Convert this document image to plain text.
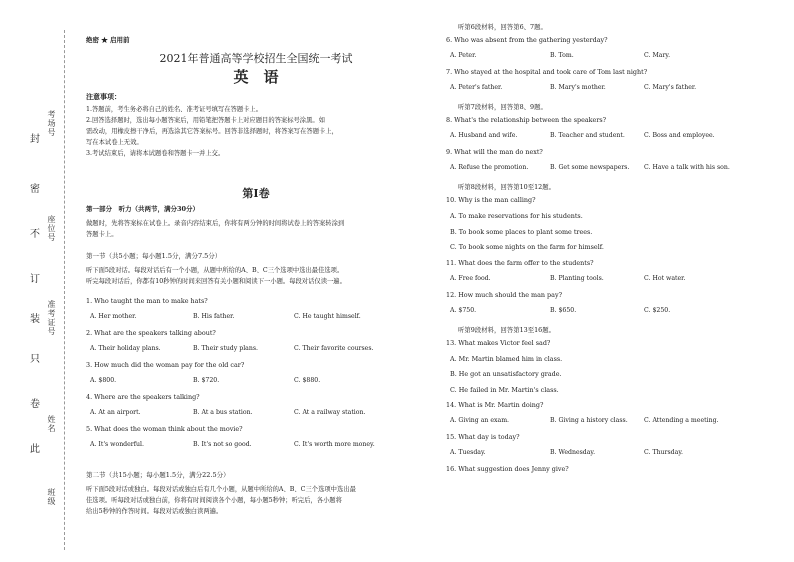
封
密
不
订
装
只
卷
此
考场号
座位号
准考证号
姓名
班级
绝密 ★ 启用前
2021年普通高等学校招生全国统一考试
英　语
注意事项：
1.答题前，考生务必将自己的姓名、准考证号填写在答题卡上。
2.回答选择题时，选出每小题答案后，用铅笔把答题卡上对应题目的答案标号涂黑。如
需改动，用橡皮擦干净后，再选涂其它答案标号。回答非选择题时，将答案写在答题卡上，
写在本试卷上无效。
3.考试结束后，请将本试题卷和答题卡一并上交。
第Ⅰ卷
第一部分　听力（共两节，满分30分）
做题时，先将答案标在试卷上。录音内容结束后，你将有两分钟的时间将试卷上的答案转涂到
答题卡上。
第一节（共5小题；每小题1.5分，满分7.5分）
听下面5段对话。每段对话后有一个小题，从题中所给的A、B、C三个选项中选出最佳选项。
听完每段对话后，你都有10秒钟的时间来回答有关小题和阅读下一小题。每段对话仅读一遍。
1. Who taught the man to make hats?
A. Her mother.	B. His father.	C. He taught himself.
2. What are the speakers talking about?
A. Their holiday plans.	B. Their study plans.	C. Their favorite courses.
3. How much did the woman pay for the old car?
A. $800.	B. $720.	C. $880.
4. Where are the speakers talking?
A. At an airport.	B. At a bus station.	C. At a railway station.
5. What does the woman think about the movie?
A. It's wonderful.	B. It's not so good.	C. It's worth more money.
第二节（共15小题；每小题1.5分，满分22.5分）
听下面5段对话或独白。每段对话或独白后有几个小题，从题中所给的A、B、C三个选项中选出最
佳选项。听每段对话或独白前，你将有时间阅读各个小题，每小题5秒钟；听完后，各小题将
给出5秒钟的作答时间。每段对话或独白读两遍。
听第6段材料，回答第6、7题。
6. Who was absent from the gathering yesterday?
A. Peter.	B. Tom.	C. Mary.
7. Who stayed at the hospital and took care of Tom last night?
A. Peter's father.	B. Mary's mother.	C. Mary's father.
听第7段材料，回答第8、9题。
8. What's the relationship between the speakers?
A. Husband and wife.	B. Teacher and student.	C. Boss and employee.
9. What will the man do next?
A. Refuse the promotion.	B. Get some newspapers. C. Have a talk with his son.
听第8段材料，回答第10至12题。
10. Why is the man calling?
A. To make reservations for his students.
B. To book some places to plant some trees.
C. To book some nights on the farm for himself.
11. What does the farm offer to the students?
A. Free food.	B. Planting tools.	C. Hot water.
12. How much should the man pay?
A. $750.	B. $650.	C. $250.
听第9段材料，回答第13至16题。
13. What makes Victor feel sad?
A. Mr. Martin blamed him in class.
B. He got an unsatisfactory grade.
C. He failed in Mr. Martin's class.
14. What is Mr. Martin doing?
A. Giving an exam.	B. Giving a history class.	C. Attending a meeting.
15. What day is today?
A. Tuesday.	B. Wednesday.	C. Thursday.
16. What suggestion does Jenny give?
